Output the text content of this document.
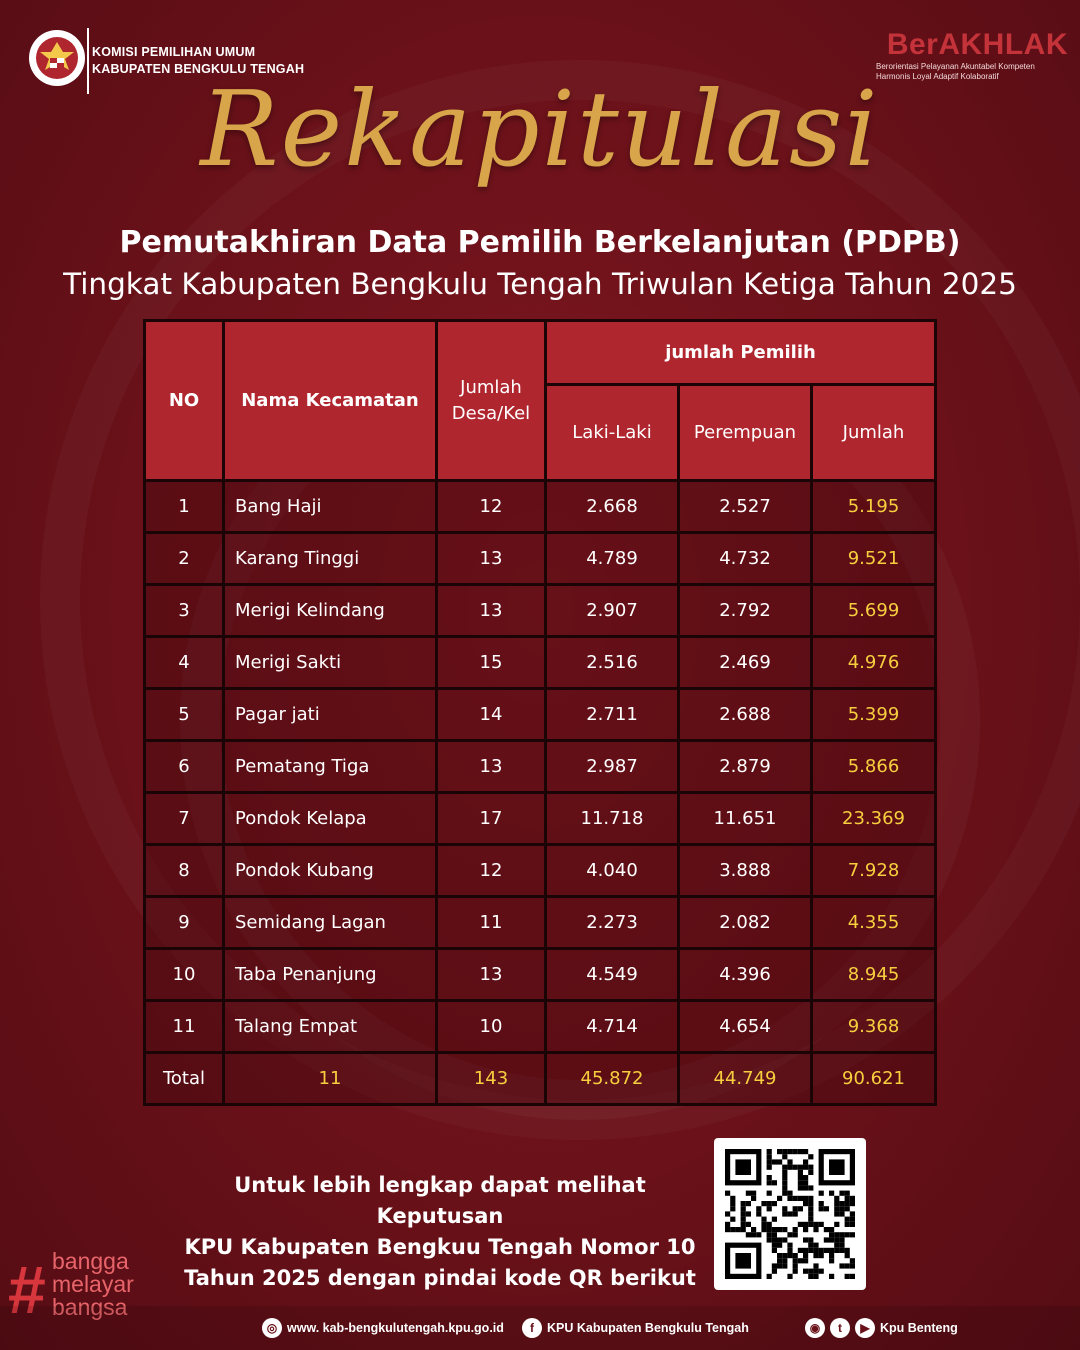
KOMISI PEMILIHAN UMUM
KABUPATEN BENGKULU TENGAH
BerAKHLAK
Berorientasi Pelayanan Akuntabel Kompeten
Harmonis Loyal Adaptif Kolaboratif
Rekapitulasi
Pemutakhiran Data Pemilih Berkelanjutan (PDPB)
Tingkat Kabupaten Bengkulu Tengah Triwulan Ketiga Tahun 2025
NO	Nama Kecamatan	Jumlah Desa/Kel	jumlah Pemilih		
			Laki-Laki	Perempuan	Jumlah
1	Bang Haji	12	2.668	2.527	5.195
2	Karang Tinggi	13	4.789	4.732	9.521
3	Merigi Kelindang	13	2.907	2.792	5.699
4	Merigi Sakti	15	2.516	2.469	4.976
5	Pagar jati	14	2.711	2.688	5.399
6	Pematang Tiga	13	2.987	2.879	5.866
7	Pondok Kelapa	17	11.718	11.651	23.369
8	Pondok Kubang	12	4.040	3.888	7.928
9	Semidang Lagan	11	2.273	2.082	4.355
10	Taba Penanjung	13	4.549	4.396	8.945
11	Talang Empat	10	4.714	4.654	9.368
Total	11	143	45.872	44.749	90.621
Untuk lebih lengkap dapat melihat Keputusan
KPU Kabupaten Bengkuu Tengah Nomor 10
Tahun 2025 dengan pindai kode QR berikut
# bangga
melayar
bangsa
◎ www. kab-bengkulutengah.kpu.go.id	f	KPU Kabupaten Bengkulu Tengah	◉	t	▶ Kpu Benteng
